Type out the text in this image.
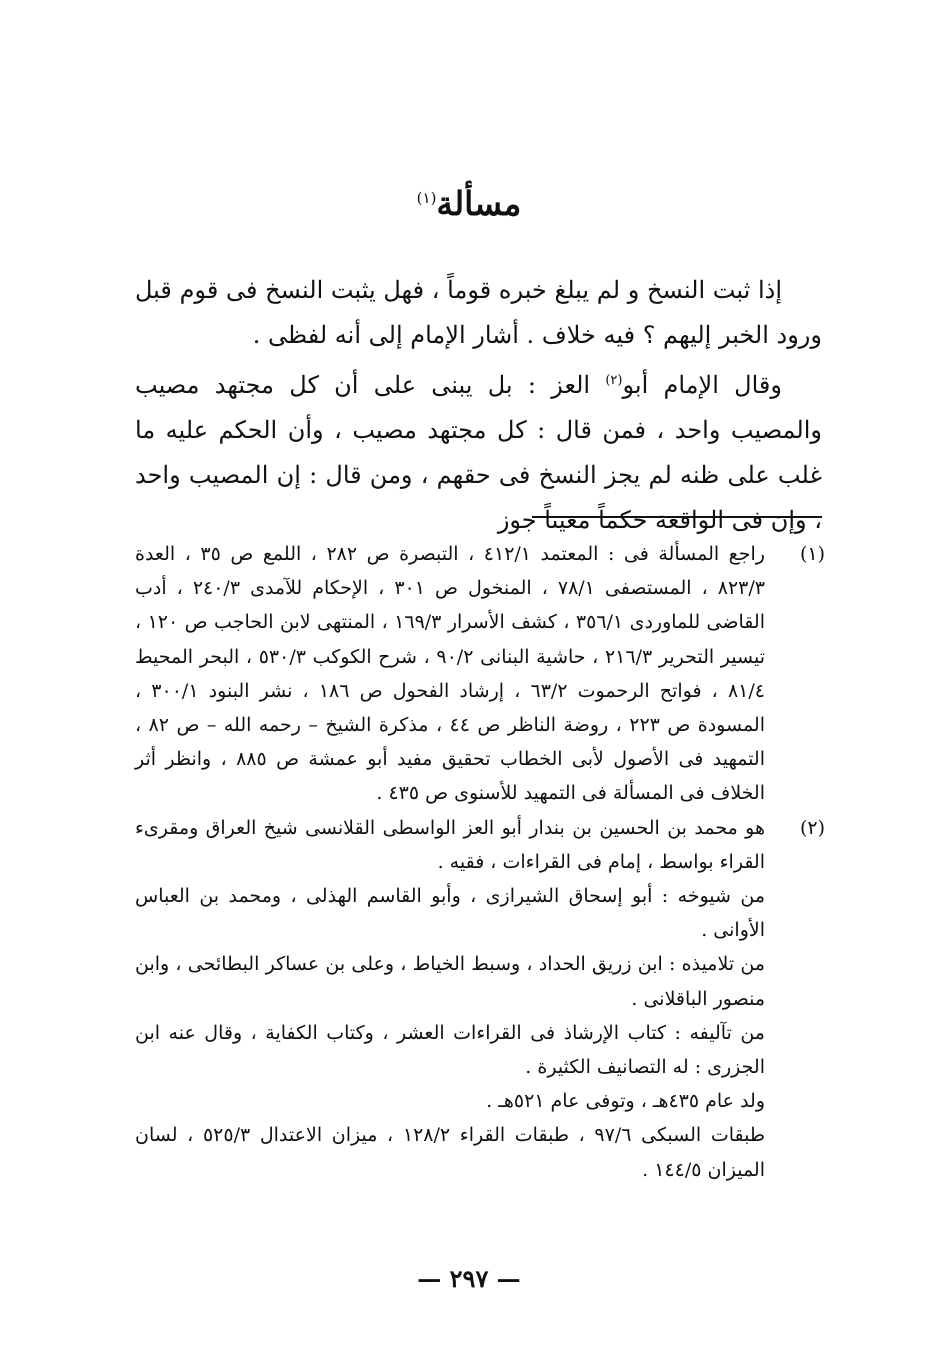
مسألة$^{(١)}$

إذا ثبت النسخ و لم يبلغ خبره قوماً ، فهل يثبت النسخ فى قوم قبل ورود الخبر إليهم ؟ فيه خلاف . أشار الإمام إلى أنه لفظى .

وقال الإمام أبو$^{(٢)}$ العز : بل يبنى على أن كل مجتهد مصيب والمصيب واحد ، فمن قال : كل مجتهد مصيب ، وأن الحكم عليه ما غلب على ظنه لم يجز النسخ فى حقهم ، ومن قال : إن المصيب واحد ، وإن فى الواقعة حكماً معيناً جوز

(١)

راجع المسألة فى : المعتمد ٤١٢/١ ، التبصرة ص ٢٨٢ ، اللمع ص ٣٥ ، العدة ٨٢٣/٣ ، المستصفى ٧٨/١ ، المنخول ص ٣٠١ ، الإحكام للآمدى ٢٤٠/٣ ، أدب القاضى للماوردى ٣٥٦/١ ، كشف الأسرار ١٦٩/٣ ، المنتهى لابن الحاجب ص ١٢٠ ، تيسير التحرير ٢١٦/٣ ، حاشية البنانى ٩٠/٢ ، شرح الكوكب ٥٣٠/٣ ، البحر المحيط ٨١/٤ ، فواتح الرحموت ٦٣/٢ ، إرشاد الفحول ص ١٨٦ ، نشر البنود ٣٠٠/١ ، المسودة ص ٢٢٣ ، روضة الناظر ص ٤٤ ، مذكرة الشيخ – رحمه الله – ص ٨٢ ، التمهيد فى الأصول لأبى الخطاب تحقيق مفيد أبو عمشة ص ٨٨٥ ، وانظر أثر الخلاف فى المسألة فى التمهيد للأسنوى ص ٤٣٥ .

(٢)

هو محمد بن الحسين بن بندار أبو العز الواسطى القلانسى شيخ العراق ومقرىء القراء بواسط ، إمام فى القراءات ، فقيه .

من شيوخه : أبو إسحاق الشيرازى ، وأبو القاسم الهذلى ، ومحمد بن العباس الأوانى .

من تلاميذه : ابن زريق الحداد ، وسبط الخياط ، وعلى بن عساكر البطائحى ، وابن منصور الباقلانى .

من تآليفه : كتاب الإرشاذ فى القراءات العشر ، وكتاب الكفاية ، وقال عنه ابن الجزرى : له التصانيف الكثيرة .

ولد عام ٤٣٥هـ ، وتوفى عام ٥٢١هـ .

طبقات السبكى ٩٧/٦ ، طبقات القراء ١٢٨/٢ ، ميزان الاعتدال ٥٢٥/٣ ، لسان الميزان ١٤٤/٥ .

— ٢٩٧ —
